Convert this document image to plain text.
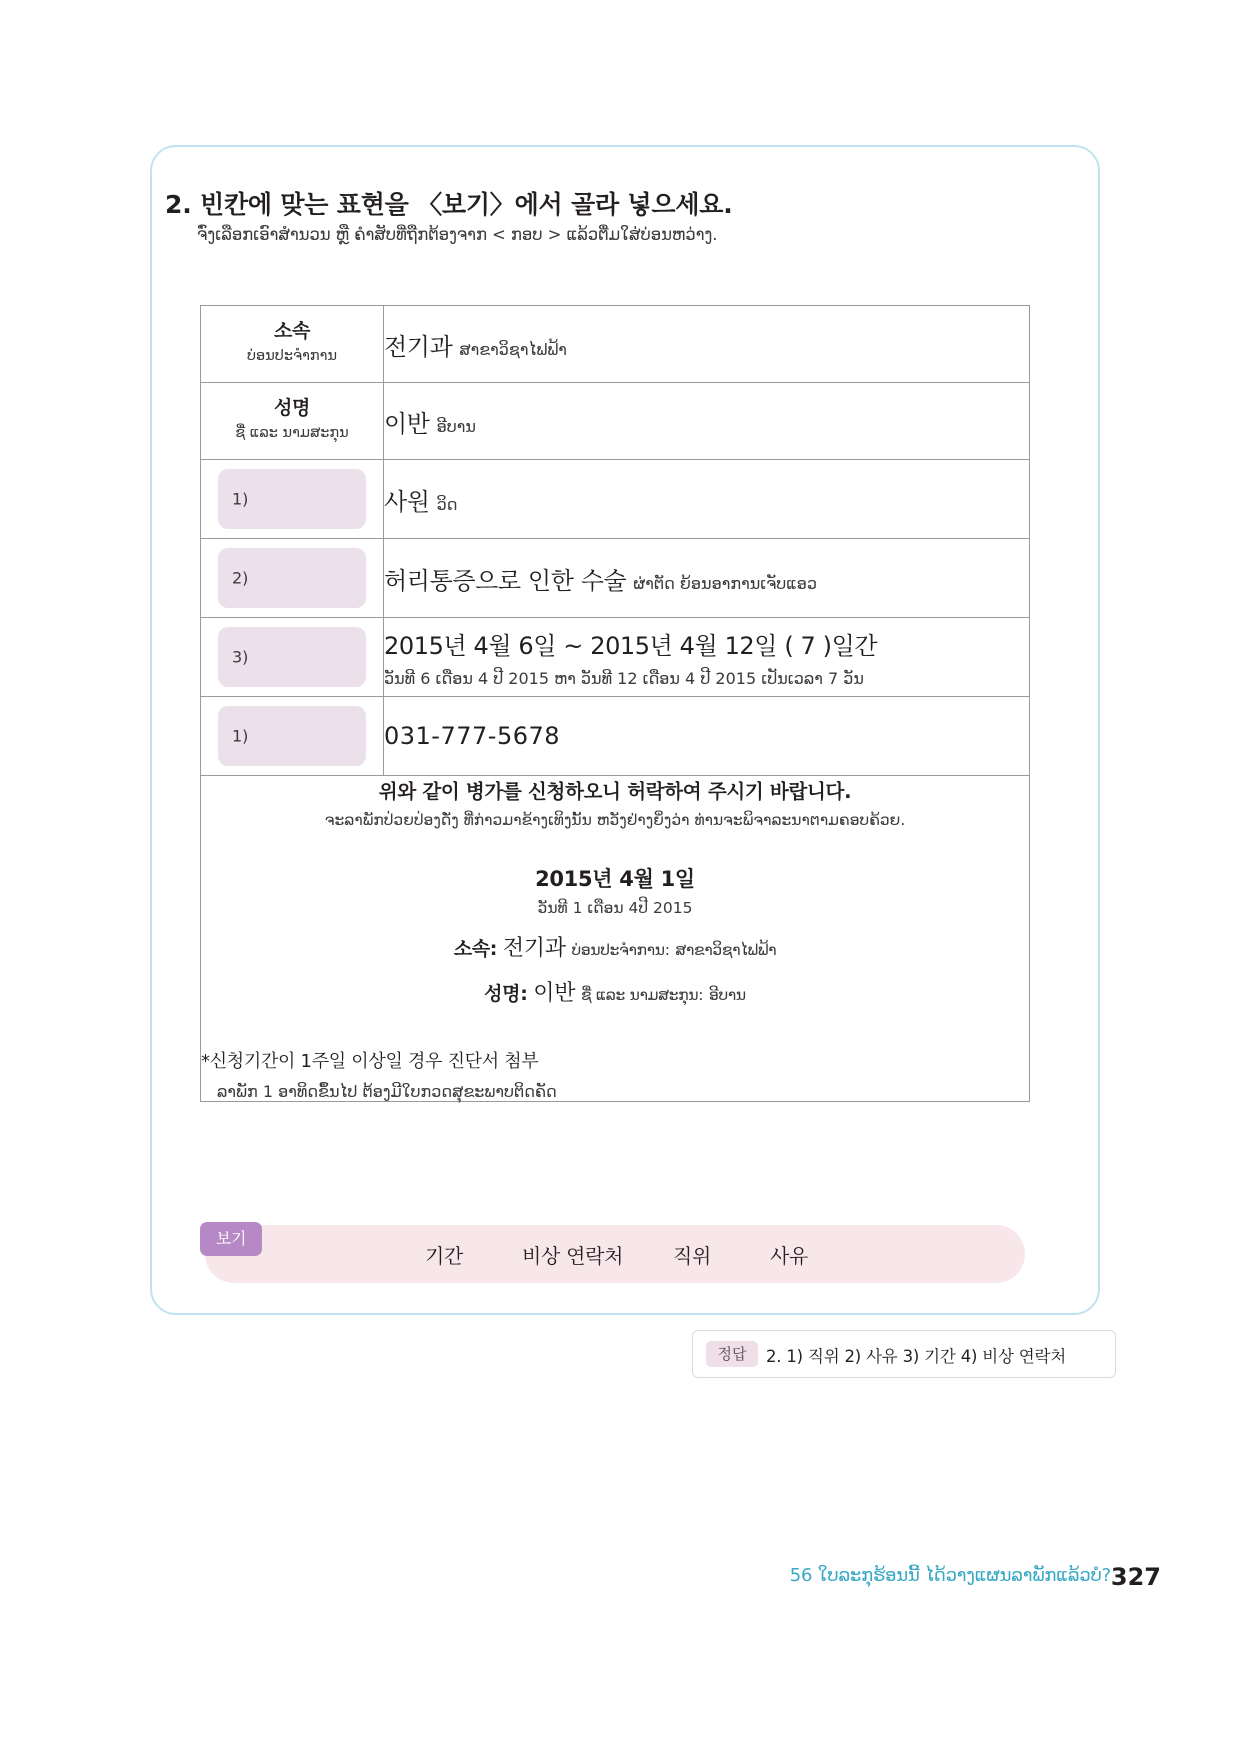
2. 빈칸에 맞는 표현을 〈보기〉에서 골라 넣으세요.
ຈົ່ງເລືອກເອົາສໍານວນ ຫຼື ຄໍາສັບທີ່ຖືກຕ້ອງຈາກ < ກອບ > ແລ້ວຕື່ມໃສ່ບ່ອນຫວ່າງ.
소속
ບ່ອນປະຈໍາການ	전기과 ສາຂາວິຊາໄຟຟ້າ

성명
ຊື່ ແລະ ນາມສະກຸນ	이반 ອີບານ

1)	사원 ວິດ

2)	허리통증으로 인한 수술 ຜ່າຕັດ ຍ້ອນອາການເຈັບແອວ

3)	2015년 4월 6일 ~ 2015년 4월 12일 ( 7 )일간
ວັນທີ 6 ເດືອນ 4 ປີ 2015 ຫາ ວັນທີ 12 ເດືອນ 4 ປີ 2015 ເປັນເວລາ 7 ວັນ

1)	031-777-5678

위와 같이 병가를 신청하오니 허락하여 주시기 바랍니다.
ຈະລາພັກປ່ວຍປ່ອງດັ່ງ ທີ່ກ່າວມາຂ້າງເທິງນັ້ນ ຫວັງຢ່າງຍິ່ງວ່າ ທ່ານຈະພິຈາລະນາຕາມຄອບຄ້ວຍ.
2015년 4월 1일
ວັນທີ 1 ເດືອນ 4ປີ 2015
소속: 전기과 ບ່ອນປະຈໍາການ: ສາຂາວິຊາໄຟຟ້າ
성명: 이반 ຊື່ ແລະ ນາມສະກຸນ: ອີບານ
*신청기간이 1주일 이상일 경우 진단서 첨부
ລາພັກ 1 ອາທິດຂຶ້ນໄປ ຕ້ອງມີໃບກວດສຸຂະພາບຕິດຄັດ
보기
기간	비상 연락처 직위	사유
정답	2. 1) 직위 2) 사유 3) 기간 4) 비상 연락처
56 ໃບລະກຸຮ້ອນນີ້ ໄດ້ວາງແຜນລາພັກແລ້ວບໍ? 327
